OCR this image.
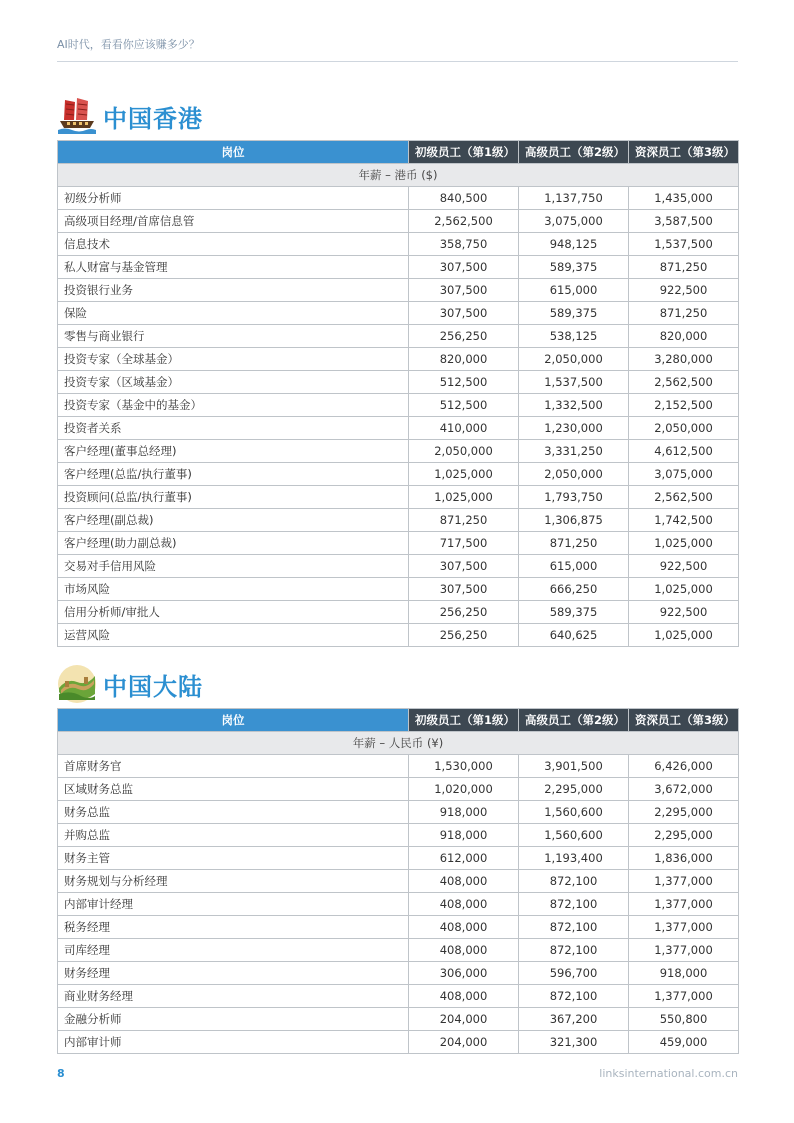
AI时代，看看你应该赚多少？
中国香港
岗位	初级员工（第1级）	高级员工（第2级）	资深员工（第3级）
年薪 – 港币 ($)			
初级分析师	840,500	1,137,750	1,435,000
高级项目经理/首席信息管	2,562,500	3,075,000	3,587,500
信息技术	358,750	948,125	1,537,500
私人财富与基金管理	307,500	589,375	871,250
投资银行业务	307,500	615,000	922,500
保险	307,500	589,375	871,250
零售与商业银行	256,250	538,125	820,000
投资专家（全球基金）	820,000	2,050,000	3,280,000
投资专家（区域基金）	512,500	1,537,500	2,562,500
投资专家（基金中的基金）	512,500	1,332,500	2,152,500
投资者关系	410,000	1,230,000	2,050,000
客户经理(董事总经理)	2,050,000	3,331,250	4,612,500
客户经理(总监/执行董事)	1,025,000	2,050,000	3,075,000
投资顾问(总监/执行董事)	1,025,000	1,793,750	2,562,500
客户经理(副总裁)	871,250	1,306,875	1,742,500
客户经理(助力副总裁)	717,500	871,250	1,025,000
交易对手信用风险	307,500	615,000	922,500
市场风险	307,500	666,250	1,025,000
信用分析师/审批人	256,250	589,375	922,500
运营风险	256,250	640,625	1,025,000
中国大陆
岗位	初级员工（第1级）	高级员工（第2级）	资深员工（第3级）
年薪 – 人民币 (¥)			
首席财务官	1,530,000	3,901,500	6,426,000
区域财务总监	1,020,000	2,295,000	3,672,000
财务总监	918,000	1,560,600	2,295,000
并购总监	918,000	1,560,600	2,295,000
财务主管	612,000	1,193,400	1,836,000
财务规划与分析经理	408,000	872,100	1,377,000
内部审计经理	408,000	872,100	1,377,000
税务经理	408,000	872,100	1,377,000
司库经理	408,000	872,100	1,377,000
财务经理	306,000	596,700	918,000
商业财务经理	408,000	872,100	1,377,000
金融分析师	204,000	367,200	550,800
内部审计师	204,000	321,300	459,000
8	linksinternational.com.cn
